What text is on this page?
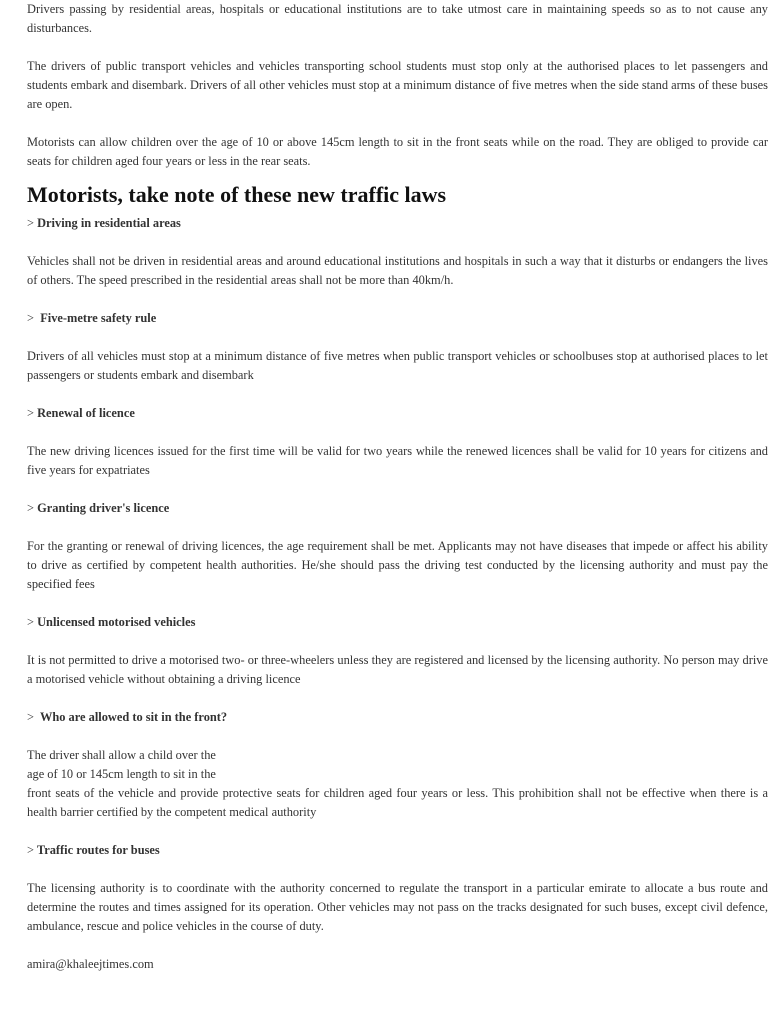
Drivers passing by residential areas, hospitals or educational institutions are to take utmost care in maintaining speeds so as to not cause any disturbances.

The drivers of public transport vehicles and vehicles transporting school students must stop only at the authorised places to let passengers and students embark and disembark. Drivers of all other vehicles must stop at a minimum distance of five metres when the side stand arms of these buses are open.

Motorists can allow children over the age of 10 or above 145cm length to sit in the front seats while on the road. They are obliged to provide car seats for children aged four years or less in the rear seats.

Motorists, take note of these new traffic laws
> Driving in residential areas

Vehicles shall not be driven in residential areas and around educational institutions and hospitals in such a way that it disturbs or endangers the lives of others. The speed prescribed in the residential areas shall not be more than 40km/h.

> Five-metre safety rule

Drivers of all vehicles must stop at a minimum distance of five metres when public transport vehicles or schoolbuses stop at authorised places to let passengers or students embark and disembark

> Renewal of licence

The new driving licences issued for the first time will be valid for two years while the renewed licences shall be valid for 10 years for citizens and five years for expatriates

> Granting driver's licence

For the granting or renewal of driving licences, the age requirement shall be met. Applicants may not have diseases that impede or affect his ability to drive as certified by competent health authorities. He/she should pass the driving test conducted by the licensing authority and must pay the specified fees

> Unlicensed motorised vehicles

It is not permitted to drive a motorised two- or three-wheelers unless they are registered and licensed by the licensing authority. No person may drive a motorised vehicle without obtaining a driving licence

> Who are allowed to sit in the front?

The driver shall allow a child over the
age of 10 or 145cm length to sit in the
front seats of the vehicle and provide protective seats for children aged four years or less. This prohibition shall not be effective when there is a health barrier certified by the competent medical authority

> Traffic routes for buses

The licensing authority is to coordinate with the authority concerned to regulate the transport in a particular emirate to allocate a bus route and determine the routes and times assigned for its operation. Other vehicles may not pass on the tracks designated for such buses, except civil defence, ambulance, rescue and police vehicles in the course of duty.

amira@khaleejtimes.com
